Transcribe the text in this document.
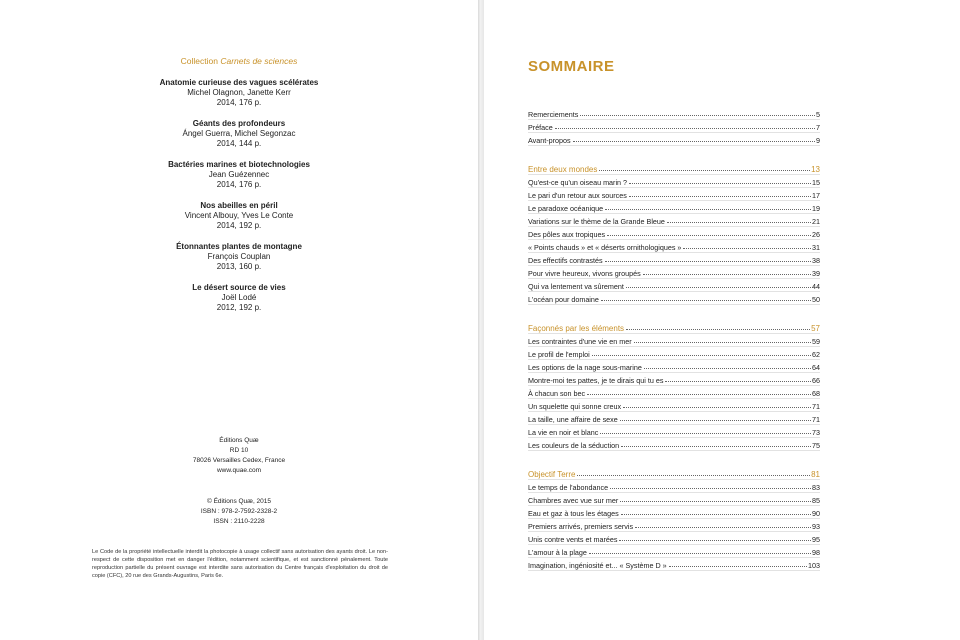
Collection Carnets de sciences
Anatomie curieuse des vagues scélérates
Michel Olagnon, Janette Kerr
2014, 176 p.
Géants des profondeurs
Ángel Guerra, Michel Segonzac
2014, 144 p.
Bactéries marines et biotechnologies
Jean Guézennec
2014, 176 p.
Nos abeilles en péril
Vincent Albouy, Yves Le Conte
2014, 192 p.
Étonnantes plantes de montagne
François Couplan
2013, 160 p.
Le désert source de vies
Joël Lodé
2012, 192 p.
Éditions Quæ
RD 10
78026 Versailles Cedex, France
www.quae.com
© Éditions Quæ, 2015
ISBN : 978-2-7592-2328-2
ISSN : 2110-2228
Le Code de la propriété intellectuelle interdit la photocopie à usage collectif sans autorisation des ayants droit. Le non-respect de cette disposition met en danger l'édition, notamment scientifique, et est sanctionné pénalement. Toute reproduction partielle du présent ouvrage est interdite sans autorisation du Centre français d'exploitation du droit de copie (CFC), 20 rue des Grands-Augustins, Paris 6e.
SOMMAIRE
Remerciements	5
Préface	7
Avant-propos	9
Entre deux mondes	13
Qu'est-ce qu'un oiseau marin ?	15
Le pari d'un retour aux sources	17
Le paradoxe océanique	19
Variations sur le thème de la Grande Bleue	21
Des pôles aux tropiques	26
« Points chauds » et « déserts ornithologiques »	31
Des effectifs contrastés	38
Pour vivre heureux, vivons groupés	39
Qui va lentement va sûrement	44
L'océan pour domaine	50
Façonnés par les éléments	57
Les contraintes d'une vie en mer	59
Le profil de l'emploi	62
Les options de la nage sous-marine	64
Montre-moi tes pattes, je te dirais qui tu es	66
À chacun son bec	68
Un squelette qui sonne creux	71
La taille, une affaire de sexe	71
La vie en noir et blanc	73
Les couleurs de la séduction	75
Objectif Terre	81
Le temps de l'abondance	83
Chambres avec vue sur mer	85
Eau et gaz à tous les étages	90
Premiers arrivés, premiers servis	93
Unis contre vents et marées	95
L'amour à la plage	98
Imagination, ingéniosité et... « Système D »	103
